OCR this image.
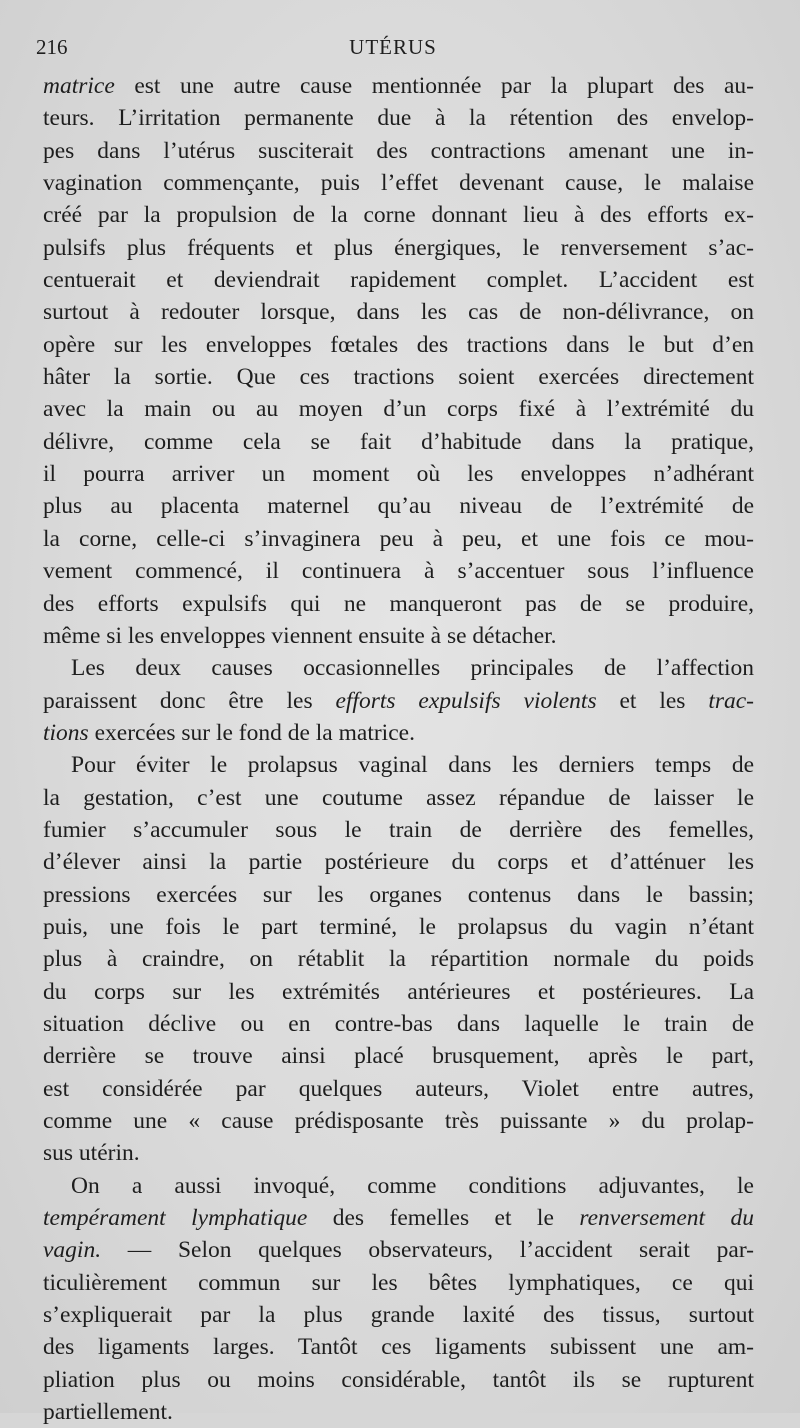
216	UTÉRUS
matrice est une autre cause mentionnée par la plupart des au-
teurs. L’irritation permanente due à la rétention des envelop-
pes dans l’utérus susciterait des contractions amenant une in-
vagination commençante, puis l’effet devenant cause, le malaise
créé par la propulsion de la corne donnant lieu à des efforts ex-
pulsifs plus fréquents et plus énergiques, le renversement s’ac-
centuerait et deviendrait rapidement complet. L’accident est
surtout à redouter lorsque, dans les cas de non-délivrance, on
opère sur les enveloppes fœtales des tractions dans le but d’en
hâter la sortie. Que ces tractions soient exercées directement
avec la main ou au moyen d’un corps fixé à l’extrémité du
délivre, comme cela se fait d’habitude dans la pratique,
il pourra arriver un moment où les enveloppes n’adhérant
plus au placenta maternel qu’au niveau de l’extrémité de
la corne, celle-ci s’invaginera peu à peu, et une fois ce mou-
vement commencé, il continuera à s’accentuer sous l’influence
des efforts expulsifs qui ne manqueront pas de se produire,
même si les enveloppes viennent ensuite à se détacher.
Les deux causes occasionnelles principales de l’affection
paraissent donc être les efforts expulsifs violents et les trac-
tions exercées sur le fond de la matrice.
Pour éviter le prolapsus vaginal dans les derniers temps de
la gestation, c’est une coutume assez répandue de laisser le
fumier s’accumuler sous le train de derrière des femelles,
d’élever ainsi la partie postérieure du corps et d’atténuer les
pressions exercées sur les organes contenus dans le bassin;
puis, une fois le part terminé, le prolapsus du vagin n’étant
plus à craindre, on rétablit la répartition normale du poids
du corps sur les extrémités antérieures et postérieures. La
situation déclive ou en contre-bas dans laquelle le train de
derrière se trouve ainsi placé brusquement, après le part,
est considérée par quelques auteurs, Violet entre autres,
comme une « cause prédisposante très puissante » du prolap-
sus utérin.
On a aussi invoqué, comme conditions adjuvantes, le
tempérament lymphatique des femelles et le renversement du
vagin. — Selon quelques observateurs, l’accident serait par-
ticulièrement commun sur les bêtes lymphatiques, ce qui
s’expliquerait par la plus grande laxité des tissus, surtout
des ligaments larges. Tantôt ces ligaments subissent une am-
pliation plus ou moins considérable, tantôt ils se rupturent
partiellement.
